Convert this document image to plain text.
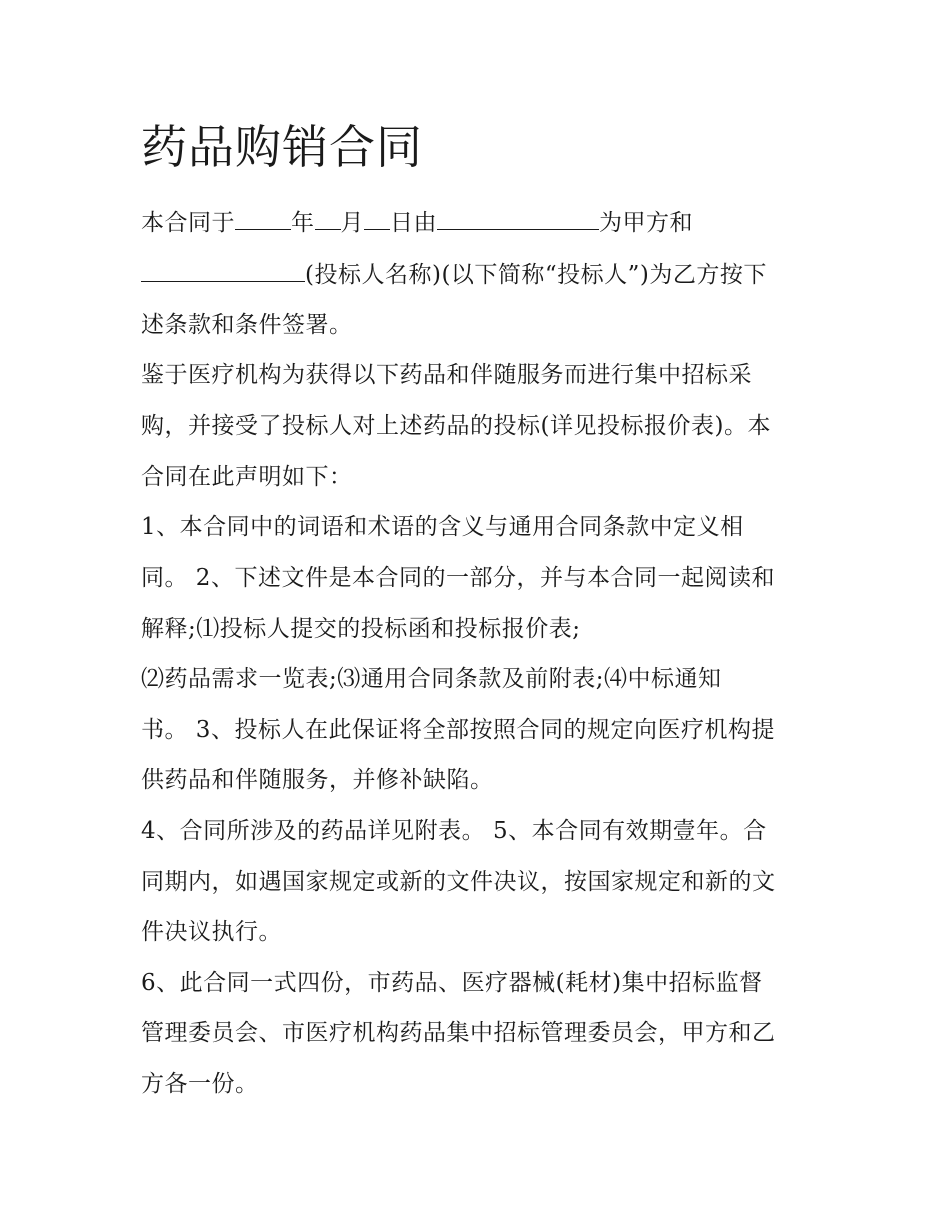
药品购销合同

本合同于 年 月 日由	为甲方和

(投标人名称)(以下简称“投标人”)为乙方按下

述条款和条件签署。

鉴于医疗机构为获得以下药品和伴随服务而进行集中招标采

购，并接受了投标人对上述药品的投标(详见投标报价表)。本

合同在此声明如下：

1、本合同中的词语和术语的含义与通用合同条款中定义相

同。 2、下述文件是本合同的一部分，并与本合同一起阅读和

解释;⑴投标人提交的投标函和投标报价表;

⑵药品需求一览表;⑶通用合同条款及前附表;⑷中标通知

书。 3、投标人在此保证将全部按照合同的规定向医疗机构提

供药品和伴随服务，并修补缺陷。

4、合同所涉及的药品详见附表。 5、本合同有效期壹年。合

同期内，如遇国家规定或新的文件决议，按国家规定和新的文

件决议执行。

6、此合同一式四份，市药品、医疗器械(耗材)集中招标监督

管理委员会、市医疗机构药品集中招标管理委员会，甲方和乙

方各一份。
